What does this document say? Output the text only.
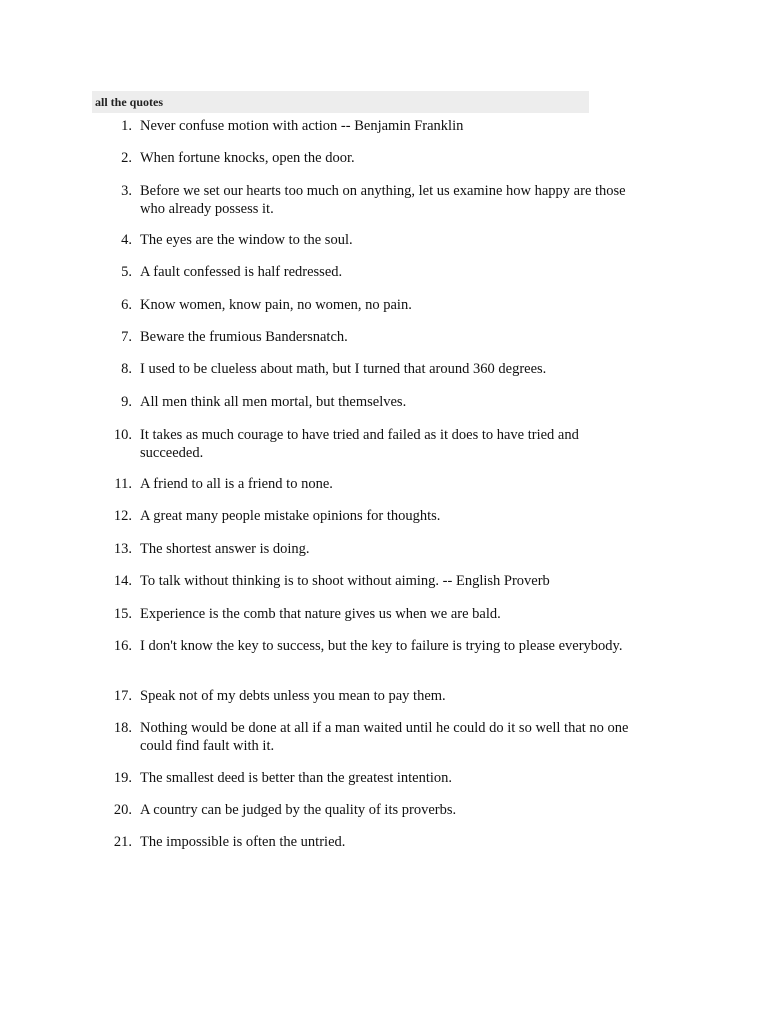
all the quotes
1. Never confuse motion with action -- Benjamin Franklin
2. When fortune knocks, open the door.
3. Before we set our hearts too much on anything, let us examine how happy are those who already possess it.
4. The eyes are the window to the soul.
5. A fault confessed is half redressed.
6. Know women, know pain, no women, no pain.
7. Beware the frumious Bandersnatch.
8. I used to be clueless about math, but I turned that around 360 degrees.
9. All men think all men mortal, but themselves.
10. It takes as much courage to have tried and failed as it does to have tried and succeeded.
11. A friend to all is a friend to none.
12. A great many people mistake opinions for thoughts.
13. The shortest answer is doing.
14. To talk without thinking is to shoot without aiming. -- English Proverb
15. Experience is the comb that nature gives us when we are bald.
16. I don't know the key to success, but the key to failure is trying to please everybody.
17. Speak not of my debts unless you mean to pay them.
18. Nothing would be done at all if a man waited until he could do it so well that no one could find fault with it.
19. The smallest deed is better than the greatest intention.
20. A country can be judged by the quality of its proverbs.
21. The impossible is often the untried.
